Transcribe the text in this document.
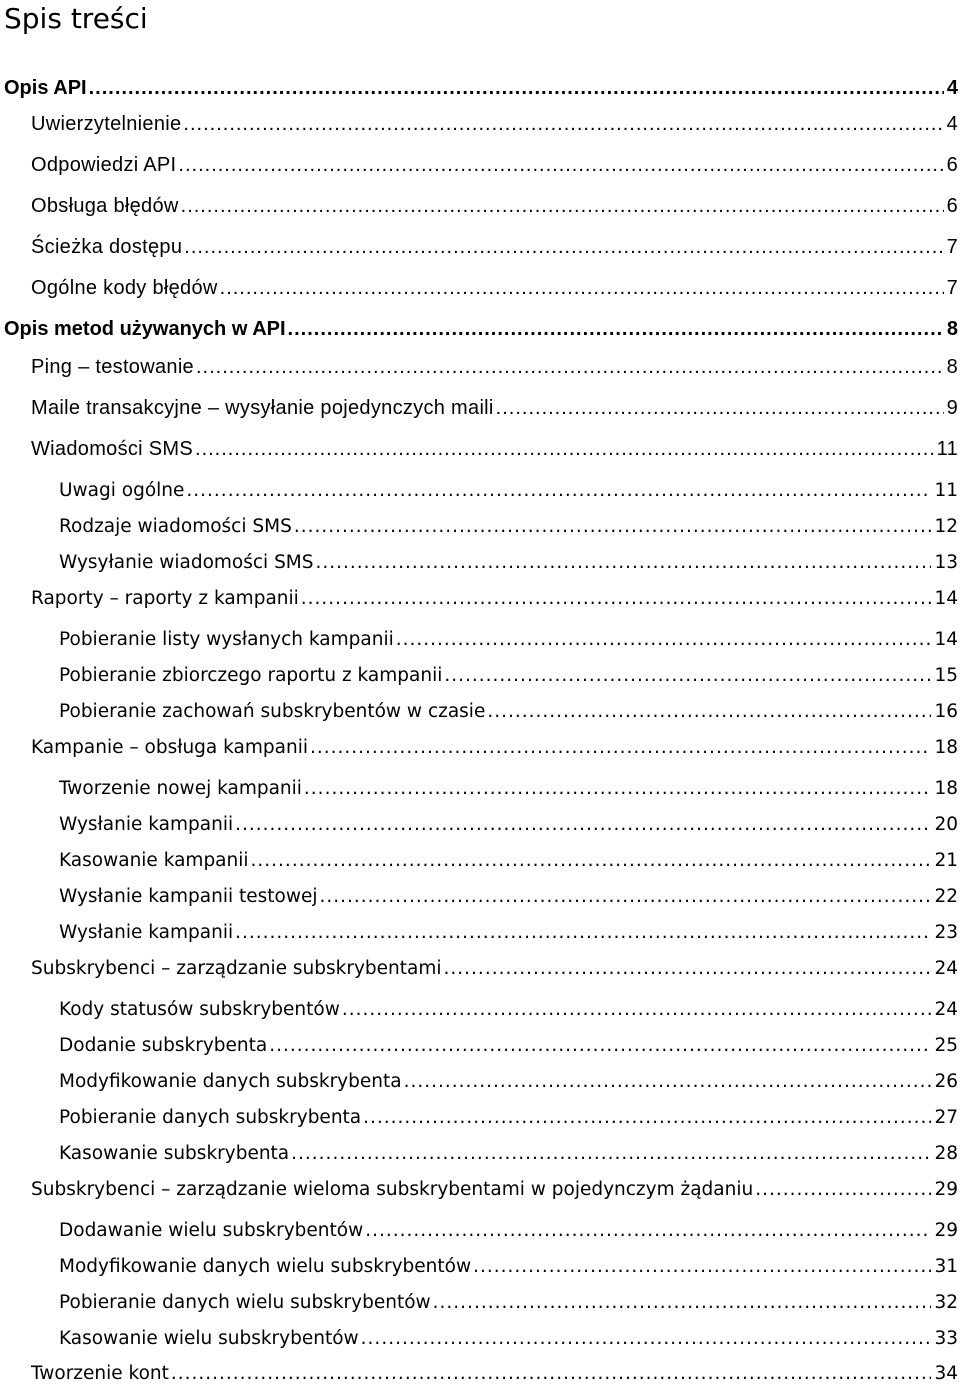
Spis treści
Opis API .....	4
Uwierzytelnienie .....	4
Odpowiedzi API .....	6
Obsługa błędów .....	6
Ścieżka dostępu .....	7
Ogólne kody błędów .....	7
Opis metod używanych w API .....	8
Ping – testowanie .....	8
Maile transakcyjne – wysyłanie pojedynczych maili .....	9
Wiadomości SMS .....	11
Uwagi ogólne .....	11
Rodzaje wiadomości SMS .....	12
Wysyłanie wiadomości SMS .....	13
Raporty – raporty z kampanii .....	14
Pobieranie listy wysłanych kampanii .....	14
Pobieranie zbiorczego raportu z kampanii .....	15
Pobieranie zachowań subskrybentów w czasie .....	16
Kampanie – obsługa kampanii .....	18
Tworzenie nowej kampanii .....	18
Wysłanie kampanii .....	20
Kasowanie kampanii .....	21
Wysłanie kampanii testowej .....	22
Wysłanie kampanii .....	23
Subskrybenci – zarządzanie subskrybentami .....	24
Kody statusów subskrybentów .....	24
Dodanie subskrybenta .....	25
Modyfikowanie danych subskrybenta .....	26
Pobieranie danych subskrybenta .....	27
Kasowanie subskrybenta .....	28
Subskrybenci – zarządzanie wieloma subskrybentami w pojedynczym żądaniu .....	29
Dodawanie wielu subskrybentów .....	29
Modyfikowanie danych wielu subskrybentów .....	31
Pobieranie danych wielu subskrybentów .....	32
Kasowanie wielu subskrybentów .....	33
Tworzenie kont .....	34
